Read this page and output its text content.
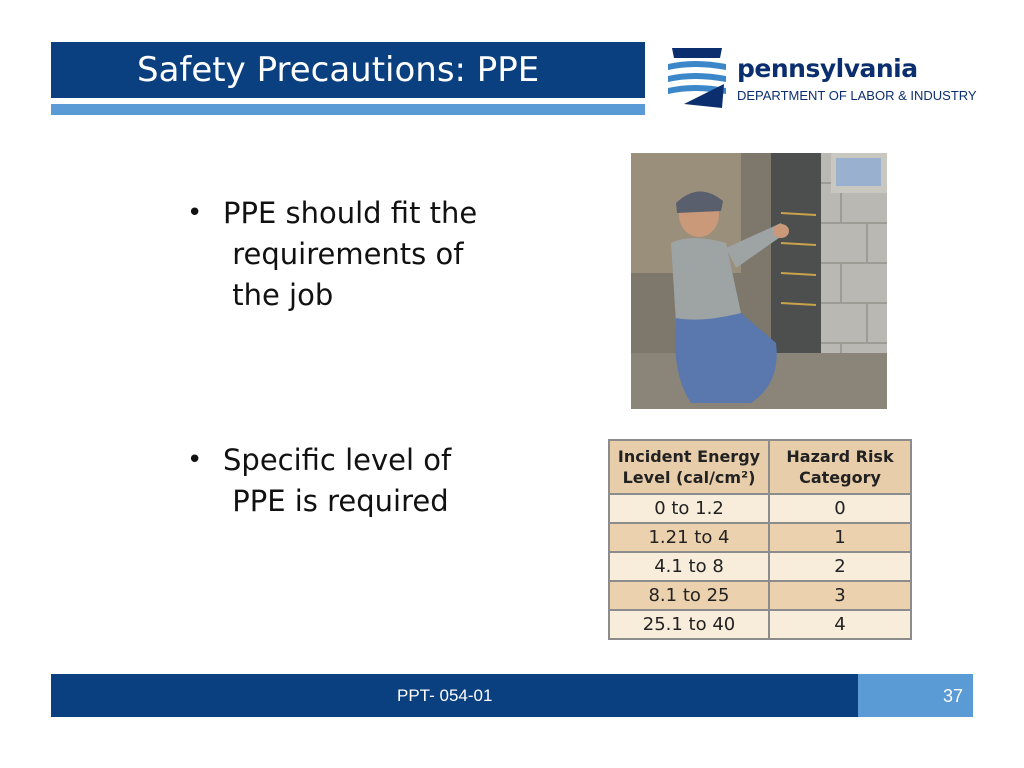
Safety Precautions: PPE	pennsylvania
DEPARTMENT OF LABOR & INDUSTRY

•

PPE should fit the
requirements of
the job

•

Specific level of
PPE is required

Incident Energy
Level (cal/cm²)	Hazard Risk
Category
0 to 1.2	0
1.21 to 4	1
4.1 to 8	2
8.1 to 25	3
25.1 to 40	4
PPT- 054-01	37
